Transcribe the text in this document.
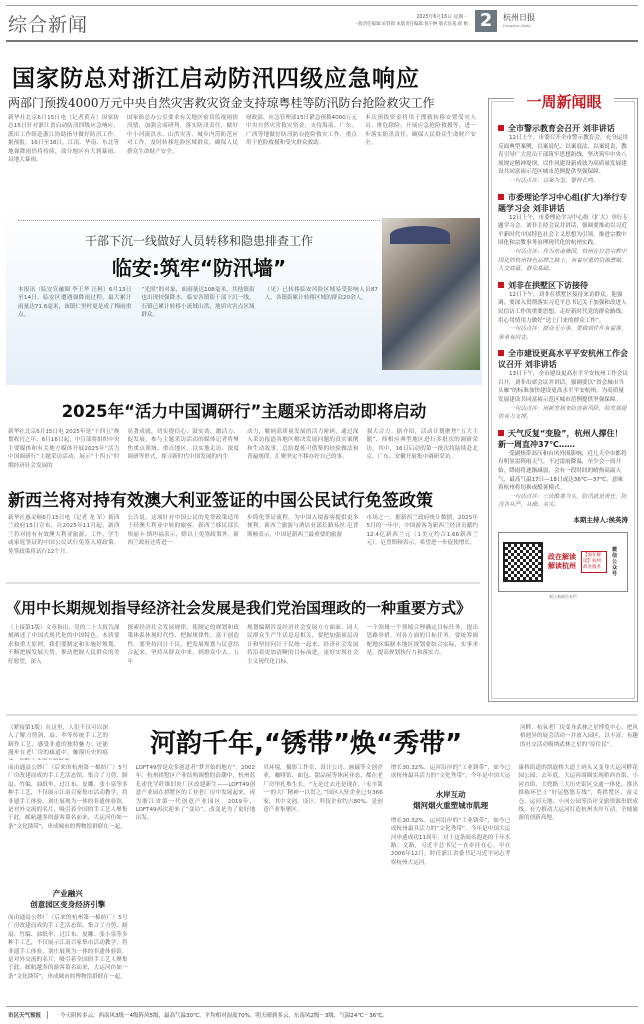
综合新闻	2025年6月16日 星期一
一版责任编辑:宋铁郎 本版责任编辑:倪宇翀 版式昆羞:俞 帆 2	杭州日报
Hangzhou Daily
国家防总对浙江启动防汛四级应急响应
两部门预拨4000万元中央自然灾害救灾资金支持琼粤桂等防汛防台抢险救灾工作
新华社北京6月15日电（记者黄垚）国家防总15日针对浙江省启动防汛四级应急响应，派出工作组赴浙江协助指导做好防汛工作。据预报，16日至18日，江南、华南、东北等地强降雨仍将持续，部分地区有大到暴雨，局地大暴雨。
国家防总办公室要求有关地区密切监视雨情汛情，加强会商研判，落实防汛责任，做好中小河流洪水、山洪灾害、城乡内涝防范应对工作，及时转移危险区域群众，确保人民群众生命财产安全。
财政部、应急管理部15日紧急预拨4000万元中央自然灾害救灾资金，支持海南、广东、广西等地做好防汛防台抢险救灾工作，重点用于抢险救援和受灾群众救助。
本次预拨资金将用于搜救转移安置受灾人员、排危除险、开展应急抢险救援等，进一步落实防汛责任，确保人民群众生命财产安全。
干部下沉一线做好人员转移和隐患排查工作
临安:筑牢“防汛墙”
本报讯（临安宣融圈 李王华 汪柯）6月13日至14日，临安区遭遇强降雨过程，最大累计雨量达71.6毫米，该镇仁里村更是成了梅雨重点。
“光照”的对象，面雨量达108毫米。其他镇街也出现较强降水。临安各镇街干部下沉一线，石镇已累计转移小流域山洪、地质灾害点区域群众。
（见）已转移临安风险区域易受影响人员87人，各镇街累计转移区域的群众20余人。
2025年“活力中国调研行”主题采访活动即将启动
新华社北京6月15日电 2025年是“十四五”规划收官之年。6月16日起，中宣部将组织中央主要媒体和有关地方媒体开展2025年“活力中国调研行”主题采访活动，展示“十四五”时期经济社会发展的
显著成就，切实提信心、鼓实劲、激活力、促发展。参与主题采访活动的媒体记者将聚焦重点领域、重点地区，以实地走访、深度调研等形式，探寻新时代中国发展的内生
动力，解码高质量发展的活力密码，通过深入采访报道各地区解决发展问题的真实案例和生动故事，总结提炼可借鉴的经验做法和普遍规律，汇聚坚定不移办好自己的事。
强大合力。据介绍，活动计划聚焦“五大主题”，择相应典型地区进行多批次的调研采访。其中，16日启动的第一批次将陆续赴北京、广东、安徽开展集中调研采访。
新西兰将对持有效澳大利亚签证的中国公民试行免签政策
新华社惠灵顿6月15日电（记者 龙 军）新西兰政府15日宣布，自2025年11月起，新西兰将对持有有效澳大利亚旅游、工作、学生或家庭签证的中国公民试行免签入境政策。免签政策将试行12个月。
公告说，这项针对中国公民的免签政策适用于经澳大利亚中转的旅客。新西兰移民部长埃丽卡·斯坦福表示，除以上免签政策外，新西兰政府还将进一
步简化签证流程，为中国入境游客提供更多便利。新西兰旅游与酒店业部长路易丝·厄普斯顿表示，中国是新西兰最重要的旅游
市场之一。据新西兰政府统计数据，2025年5月的一年中，中国游客为新西兰经济贡献约12.4亿新西兰元（1美元约合1.66新西兰元）。厄普斯顿表示，希望进一步促使增长。
《用中长期规划指导经济社会发展是我们党治国理政的一种重要方式》
（上接第1版）文章指出，党的二十大报告深刻阐述了中国式现代化的中国特色、本质要求和重大原则，我们要制定和实施好规划，不断把握发展大势，推动把握人民群众的美好愿望，深入
探索经济社会发展规律，使制定的规划和政策体系体现时代性、把握规律性、富于创造性。要坚持问计于民，把发展规划与民意结合起来，坚持从群众中来、到群众中去。五年
规划编制涉及经济社会发展方方面面，同人民群众生产生活息息相关，要把加强顶层设计和坚持问计于民统一起来，经济社会发展将沿着更加清晰的目标前进，更好实现社会主义现代化目标。
一个领域一个领域合理确定目标任务，提出思路举措。对各方面的目标任务，要统筹调配地区编制本地区规划要结合实际，实事求是，提高规划执行力和落实力。
一周新闻眼
全市警示教育会召开 刘非讲话
12日上午，市委召开全市警示教育会，充分运用反面典型案例，以案说纪、以案说法、以案说责，教育引导广大党员干部筑牢思想防线，坚决筑牢中央八项规定精神堤坝，以作风建设新成效为高质量发展建设共同富裕示范区城市范例提供坚强保障。
一句话点评：以案为鉴、警钟长鸣。
市委理论学习中心组(扩大)举行专题学习会 刘非讲话
12日上午，市委理论学习中心组（扩大）举行专题学习会。刘非主持会议并讲话，强调要推动以习近平新时代中国特色社会主义思想为引领，推进宗教中国化和宗教事务治理现代化的杭州实践。
一句话点评：作为东南佛国，杭州在打造宗教中国化的杭州特色品牌之路上，有着厚重的资源禀赋、人文底蕴、群众基础。
刘非在拱墅区下访接待
12日下午，刘非在拱墅区接待来访群众。他强调，要深入贯彻落实习近平总书记关于加强和改进人民信访工作的重要思想，走好新时代党的群众路线，用心用情用力做好“送上门来的群众工作”。
一句话点评：群众无小事，要做到件件有着落、事事有回音。
全市建设更高水平平安杭州工作会议召开 刘非讲话
13日下午，全市建设更高水平平安杭州工作会议召开。刘非出席会议并讲话，强调要以“省会城市当头雁”的标准加快建设更高水平平安杭州，为高质量发展建设共同富裕示范区城市范例提供坚强保障。
一句话点评：用新发展来防范新风险，给发展提供有力支撑。
天气反复“变脸”，杭州人撑住！新一周直冲37℃……
受副热带高压和台风外围影响，近几天全市都将有明显雷阵雨天气。不过雷雨降温，至少会一周开始，降雨将逐渐减弱，会有一段时间的晴热高温天气，最高气温17日—18日或达36℃—37℃，意味着杭州将切换成酷暑模式。
一句话点评：三伏酷暑当头，防汛就是责任，防汛各从严、从细、从实。
本期主持人:侯英涛
政在解读 解读杭州
【面在解读】杭州政务服务
微信公众号
浙江新闻名专栏
（紧接第1版）在这里，人们不仅可以深入了解刀剪剑、扇、伞等传统手工艺的制作工艺，感受非遗的独特魅力；还能漫步在老厂房的廊道中，触摸历史的痕 河韵千年,“锈带”焕“秀带”
河畔，杭氧老厂房变身武林之星博览中心，把风格迥异的展会活动一并放入园区，以丰富、有趣的社交活动吸纳武林之星的“原住民”。
而由通益公纱厂（后来的杭州第一棉纺厂）5号厂房改建而成的手工艺活态馆，集合了刀剪、制扇、竹编、油纸伞、过江布、皮雕、张小泉等多种手工艺，不仅展示江南百家集市活动教学，将非遗手工体验、刘庄展现为一体的非遗体验馆，是对外交流的名片，吸引着全国的手工艺人聚集于此。邮航越多的游客慕名而来，大运河仿如一条“文化锈带”，串成城市的博物馆群联在一起。
产业融兴
创意园区变身经济引擎
而由通益公纱厂（后来的杭州第一棉纺厂）5号厂房改建而成的手工艺活态馆，集合了刀剪、制扇、竹编、油纸伞、过江布、皮雕、张小泉等多种手工艺，不仅展示江南百家集市活动教学，将非遗手工体验、刘庄展现为一体的非遗体验馆，是对外交流的名片，吸引着全国的手工艺人聚集于此。邮航越多的游客慕名而来，大运河仿如一条“文化锈带”，串成城市的博物馆群联在一起。
LOFT49曾是众多创意者“梦开始的地方”。2002年，杭州拱墅区产业结构调整的浪潮中，杭州蓝孔雀化学纤维旧址厂区改建新生——LOFT49创意产业园在拱墅区的工业老厂房中发展起来，成为浙江省第一代创意产业园区。2019年，LOFT49再次迎来了“变局”，改变是为了更好地出发。
贝环境。摄影工作室、设计公司、画廊等文创企业，咖啡馆、面包、甜品屋等休闲业态，都在老厂房里扎堆生长。“无论过去还是现在，‘永辛第一’的大厂精神一以贯之。”园区入驻企业已有366家，其中文创、设计、科技企业约占80%，是创意产业集聚区。
增长30.32%。运河沿岸的“工业锈带”，如今已成杭州最具活力的“文化秀带”。今年是中国大运
水岸互动
烟河烟火重塑城市肌理
增长30.32%。运河沿岸的“工业锈带”，如今已成杭州最具活力的“文化秀带”。今年是中国大运河申遗成功11周年。对于这条闻名遐迩的千年水路、文路，习近平总书记一直牵挂在心。早在2006年12月，时任浙江省委书记习近平同志考察杭州大运河。
康桥街道的凯旋桥大道上码头又变身大运河畔花园公园；去年底，大运河商圈实现桥西直街、小河直街、大兜路三大历史街区交通一体化，推出推陈环巴士“好运悠悠专线”，将拱墅区、富义仓、运河天地、小河公园等沿岸文旅资源串联成线，有力推动大运河打造杭州水岸互动、全域旅游的创新高地。
市区天气预报	今天阴转多云，西南风3级－4级阵风5级，最高气温30℃，平均相对湿度70%。明天晴到多云，东南风2级－3级，气温24℃－36℃。
